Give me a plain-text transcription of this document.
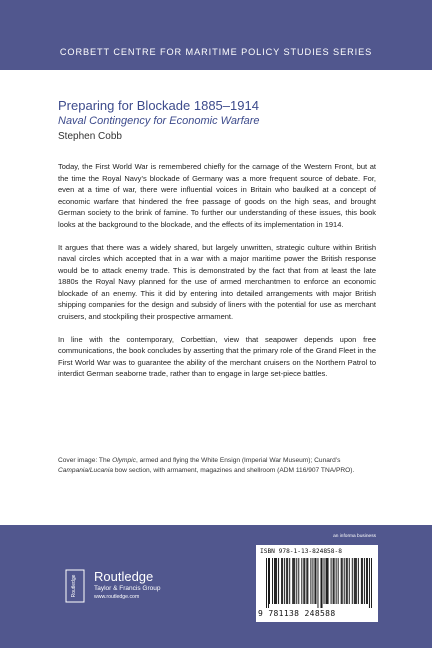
CORBETT CENTRE FOR MARITIME POLICY STUDIES SERIES

Preparing for Blockade 1885–1914

Naval Contingency for Economic Warfare

Stephen Cobb

Today, the First World War is remembered chiefly for the carnage of the Western Front, but at the time the Royal Navy’s blockade of Germany was a more frequent source of debate. For, even at a time of war, there were influential voices in Britain who baulked at a concept of economic warfare that hindered the free passage of goods on the high seas, and brought German society to the brink of famine. To further our understanding of these issues, this book looks at the background to the blockade, and the effects of its implementation in 1914.

It argues that there was a widely shared, but largely unwritten, strategic culture within British naval circles which accepted that in a war with a major maritime power the British response would be to attack enemy trade. This is demonstrated by the fact that from at least the late 1880s the Royal Navy planned for the use of armed merchantmen to enforce an economic blockade of an enemy. This it did by entering into detailed arrangements with major British shipping companies for the design and subsidy of liners with the potential for use as merchant cruisers, and stockpiling their prospective armament.

In line with the contemporary, Corbettian, view that seapower depends upon free communications, the book concludes by asserting that the primary role of the Grand Fleet in the First World War was to guarantee the ability of the merchant cruisers on the Northern Patrol to interdict German seaborne trade, rather than to engage in large set-piece battles.

Cover image: The Olympic, armed and flying the White Ensign (Imperial War Museum); Cunard’s Campania/Lucania bow section, with armament, magazines and shellroom (ADM 116/907 TNA/PRO).
an informa business
Routledge Routledge
Taylor & Francis Group
www.routledge.com
ISBN 978-1-13-824858-8
9 781138 248588
